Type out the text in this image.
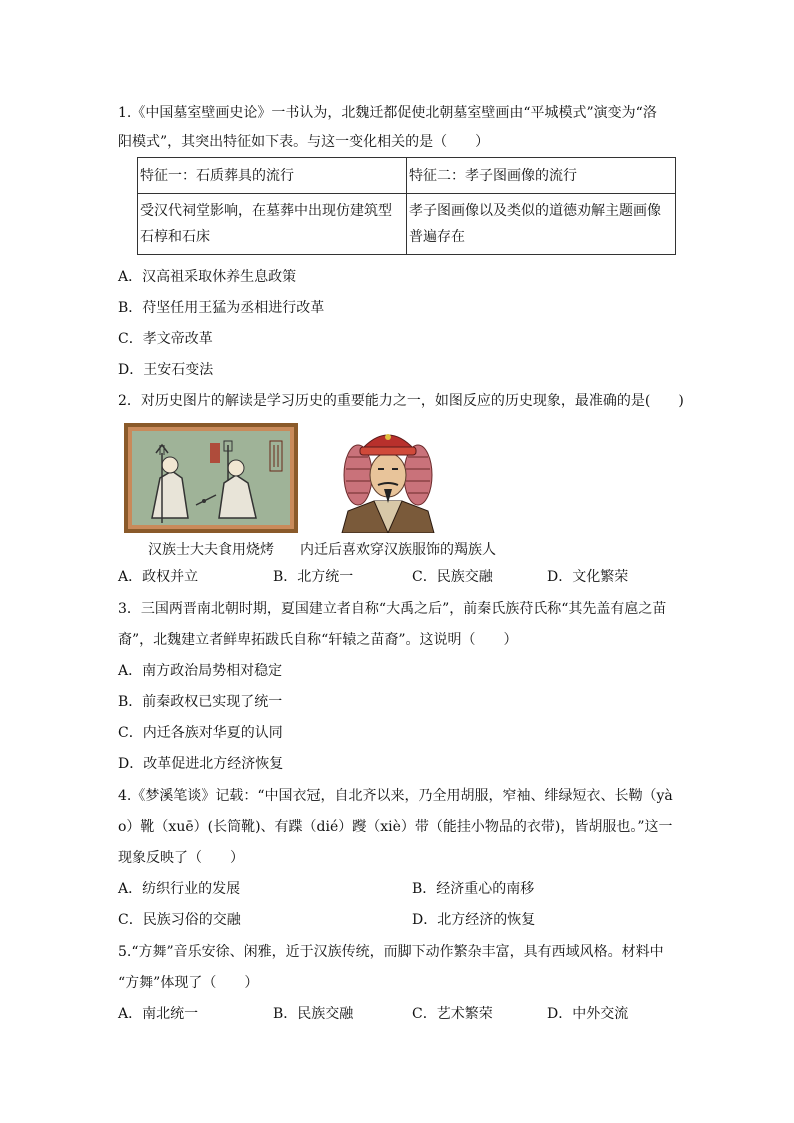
1.《中国墓室壁画史论》一书认为，北魏迁都促使北朝墓室壁画由“平城模式”演变为“洛
阳模式”，其突出特征如下表。与这一变化相关的是（　　）
特征一：石质葬具的流行	特征二：孝子图画像的流行
受汉代祠堂影响，在墓葬中出现仿建筑型石椁和石床	孝子图画像以及类似的道德劝解主题画像普遍存在
A．汉高祖采取休养生息政策
B．苻坚任用王猛为丞相进行改革
C．孝文帝改革
D．王安石变法
2．对历史图片的解读是学习历史的重要能力之一，如图反应的历史现象，最准确的是(　　)
汉族士大夫食用烧烤 内迁后喜欢穿汉族服饰的羯族人
A．政权并立	B．北方统一	C．民族交融	D．文化繁荣
3．三国两晋南北朝时期，夏国建立者自称“大禹之后”，前秦氏族苻氏称“其先盖有扈之苗
裔”，北魏建立者鲜卑拓跋氏自称“轩辕之苗裔”。这说明（　　）
A．南方政治局势相对稳定
B．前秦政权已实现了统一
C．内迁各族对华夏的认同
D．改革促进北方经济恢复
4.《梦溪笔谈》记载：“中国衣冠，自北齐以来，乃全用胡服，窄袖、绯绿短衣、长靿（yà
o）靴（xuē）(长筒靴)、有蹀（dié）躞（xiè）带（能挂小物品的衣带)，皆胡服也。”这一
现象反映了（　　）
A．纺织行业的发展	B．经济重心的南移
C．民族习俗的交融	D．北方经济的恢复
5.“方舞”音乐安徐、闲雅，近于汉族传统，而脚下动作繁杂丰富，具有西域风格。材料中
“方舞”体现了（　　）
A．南北统一	B．民族交融	C．艺术繁荣	D．中外交流
